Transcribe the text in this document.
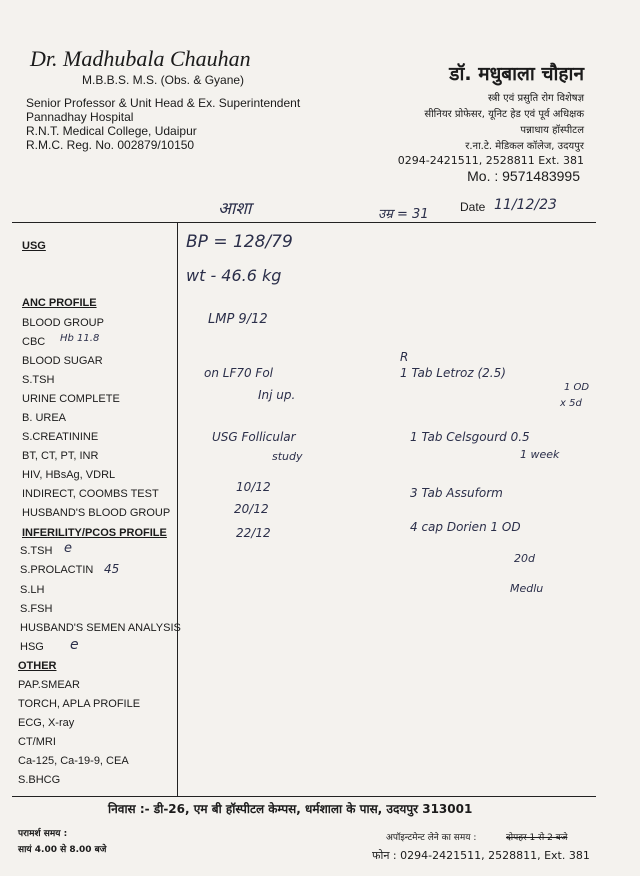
Dr. Madhubala Chauhan
M.B.B.S. M.S. (Obs. & Gyane)
Senior Professor & Unit Head & Ex. Superintendent
Pannadhay Hospital
R.N.T. Medical College, Udaipur
R.M.C. Reg. No. 002879/10150
डॉ. मधुबाला चौहान
स्त्री एवं प्रसुति रोग विशेषज्ञ
सीनियर प्रोफेसर, यूनिट हेड एवं पूर्व अधिक्षक
पन्नाधाय हॉस्पीटल
र.ना.टे. मेडिकल कॉलेज, उदयपुर
0294-2421511, 2528811 Ext. 381
Mo. : 9571483995
आशा	उम्र = 31	Date 11/12/23
USG
ANC PROFILE
BLOOD GROUP
CBC
BLOOD SUGAR
S.TSH
URINE COMPLETE
B. UREA
S.CREATININE
BT, CT, PT, INR
HIV, HBsAg, VDRL
INDIRECT, COOMBS TEST
HUSBAND'S BLOOD GROUP
INFERILITY/PCOS PROFILE
S.TSH
S.PROLACTIN
S.LH
S.FSH
HUSBAND'S SEMEN ANALYSIS
HSG
OTHER
PAP.SMEAR
TORCH, APLA PROFILE
ECG, X-ray
CT/MRI
Ca-125, Ca-19-9, CEA
S.BHCG
Hb 11.8
e
45
e
BP = 128/79
wt - 46.6 kg
LMP 9/12
on LF70 Fol
Inj up.
USG Follicular
study
10/12
20/12
22/12
R
1 Tab Letroz (2.5)
1 OD
x 5d
1 Tab Celsgourd 0.5
1 week
3 Tab Assuform
4 cap Dorien 1 OD
20d
Medlu
निवास :- डी-26, एम बी हॉस्पीटल केम्पस, धर्मशाला के पास, उदयपुर 313001
परामर्श समय :
सायं 4.00 से 8.00 बजे
अपॉइन्टमेन्ट लेने का समय :	दोपहर 1 से 2 बजे
फोन : 0294-2421511, 2528811, Ext. 381
